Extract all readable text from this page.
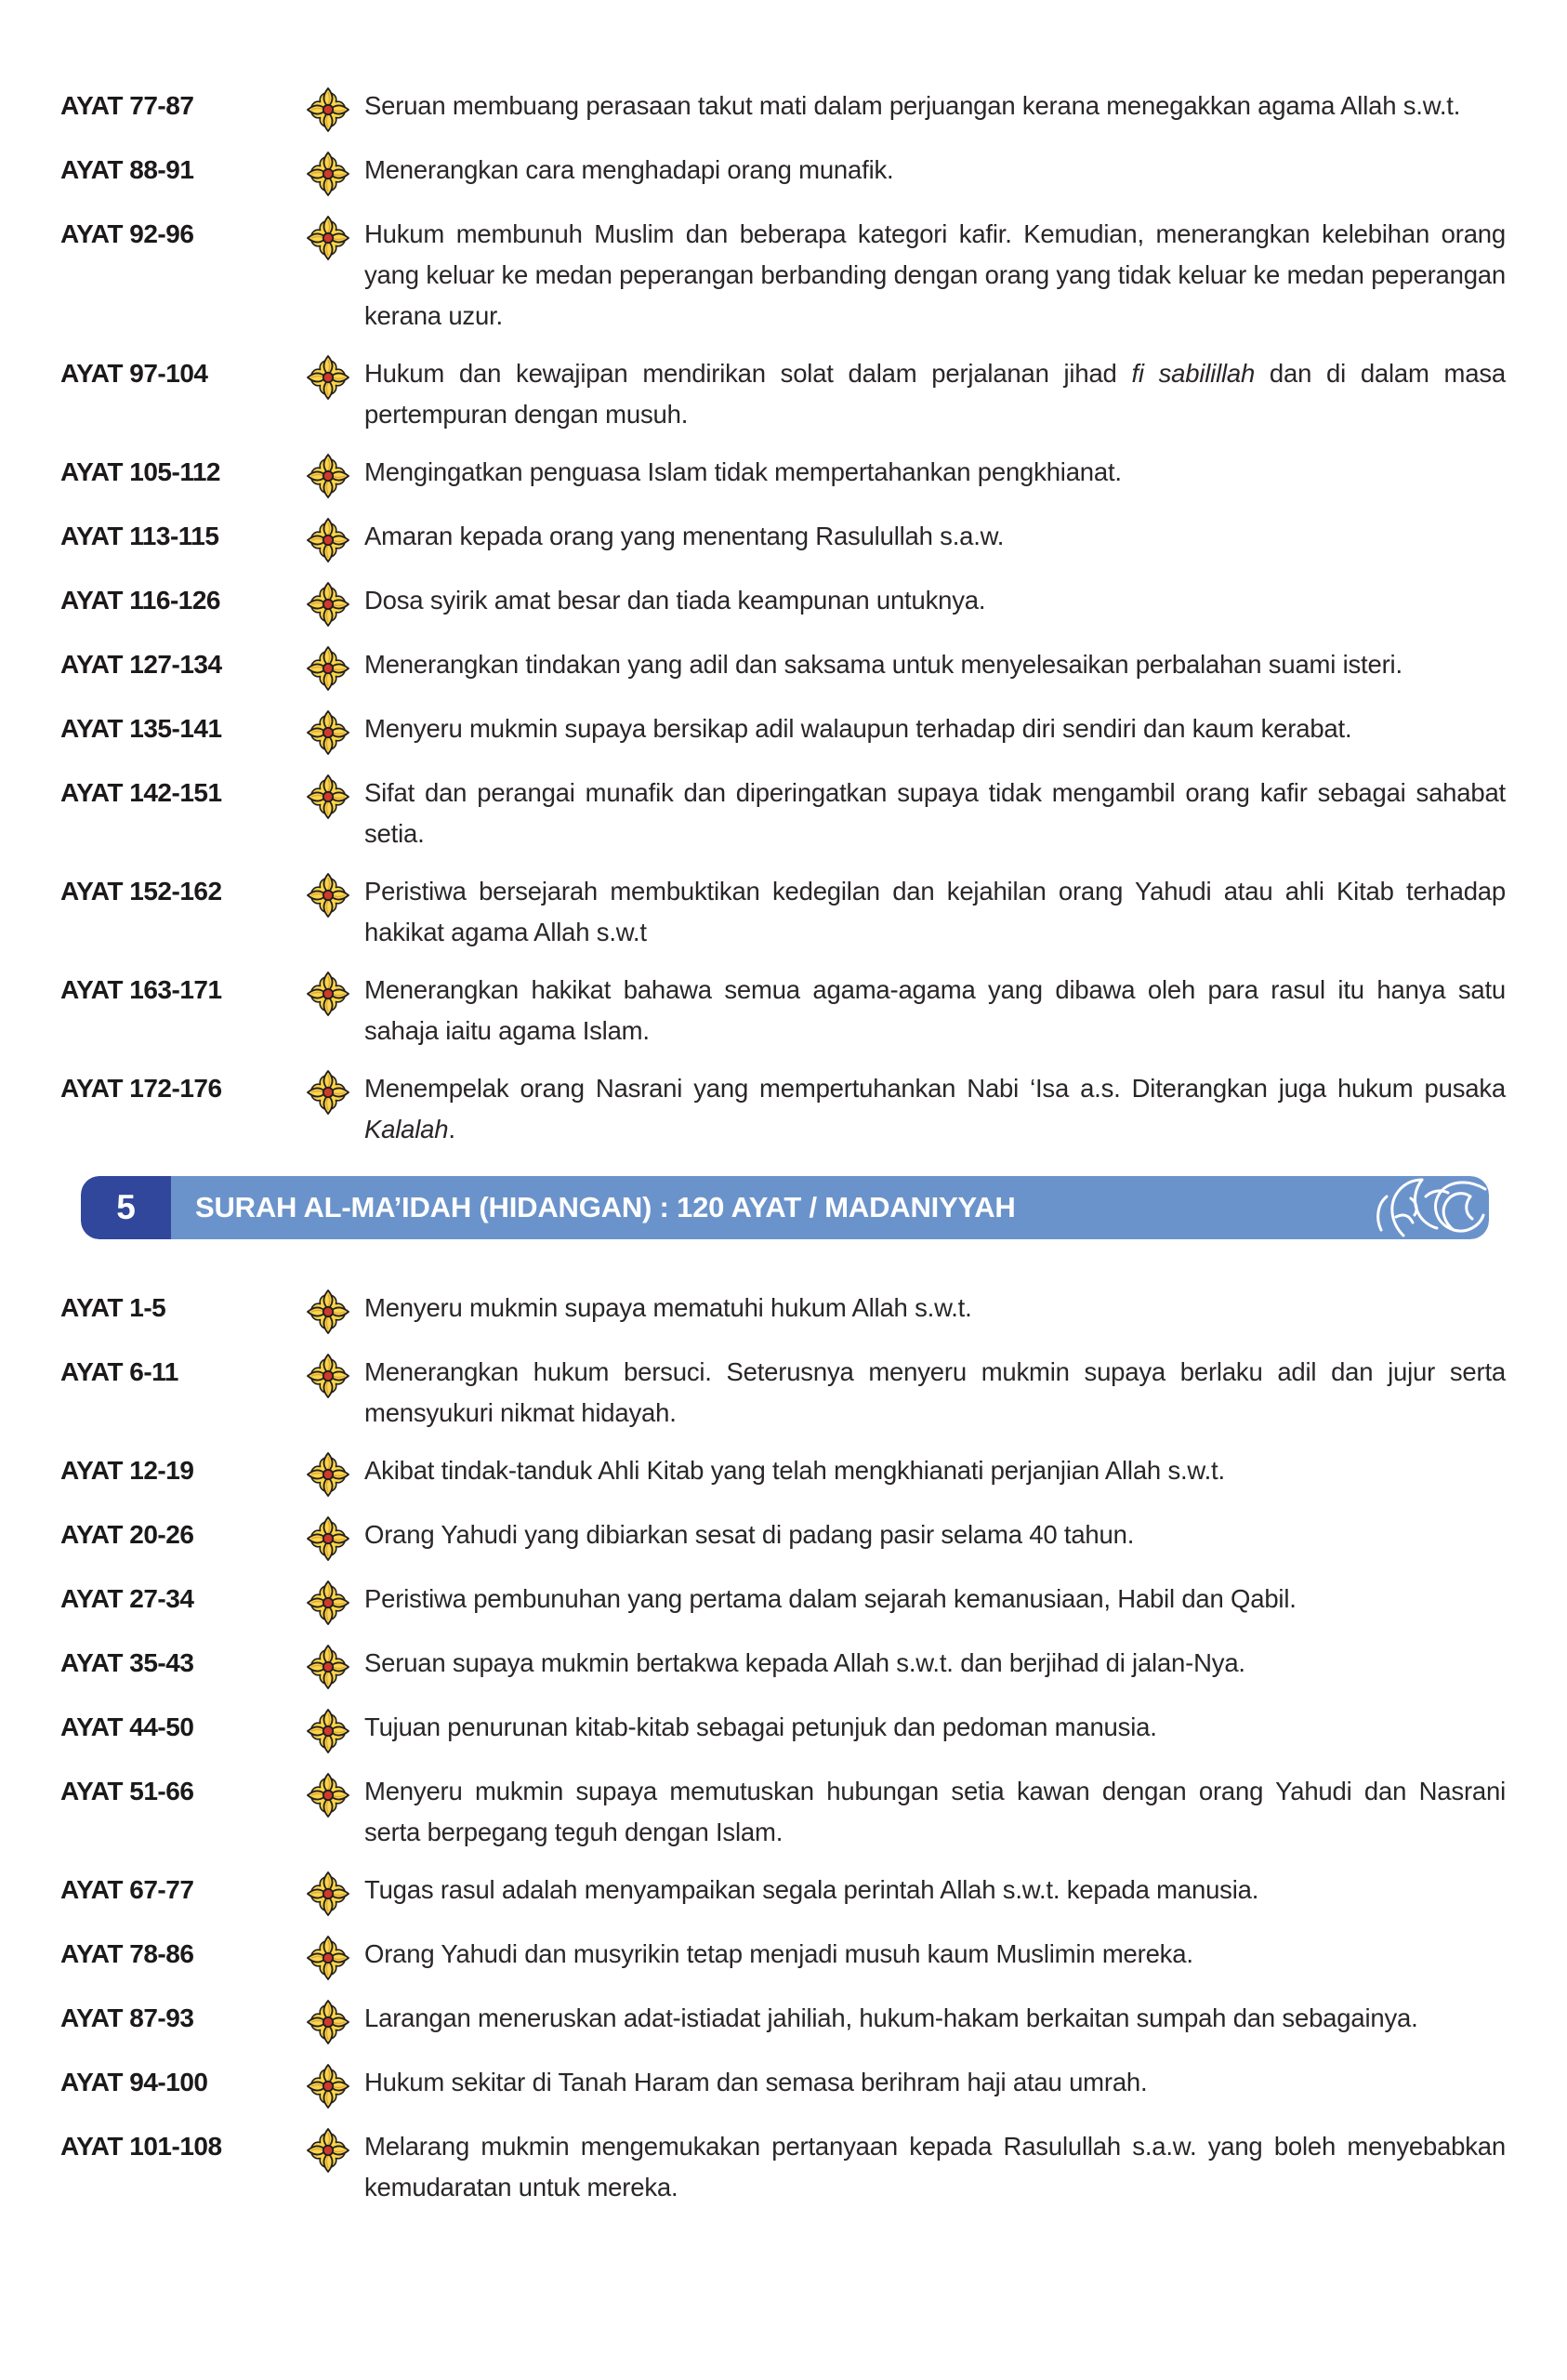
AYAT 77-87	Seruan membuang perasaan takut mati dalam perjuangan kerana menegakkan agama Allah s.w.t.
AYAT 88-91	Menerangkan cara menghadapi orang munafik.
AYAT 92-96	Hukum membunuh Muslim dan beberapa kategori kafir. Kemudian, menerangkan kelebihan orang yang keluar ke medan peperangan berbanding dengan orang yang tidak keluar ke medan peperangan kerana uzur.
AYAT 97-104	Hukum dan kewajipan mendirikan solat dalam perjalanan jihad fi sabilillah dan di dalam masa pertempuran dengan musuh.
AYAT 105-112	Mengingatkan penguasa Islam tidak mempertahankan pengkhianat.
AYAT 113-115	Amaran kepada orang yang menentang Rasulullah s.a.w.
AYAT 116-126	Dosa syirik amat besar dan tiada keampunan untuknya.
AYAT 127-134	Menerangkan tindakan yang adil dan saksama untuk menyelesaikan perbalahan suami isteri.
AYAT 135-141	Menyeru mukmin supaya bersikap adil walaupun terhadap diri sendiri dan kaum kerabat.
AYAT 142-151	Sifat dan perangai munafik dan diperingatkan supaya tidak mengambil orang kafir sebagai sahabat setia.
AYAT 152-162	Peristiwa bersejarah membuktikan kedegilan dan kejahilan orang Yahudi atau ahli Kitab terhadap hakikat agama Allah s.w.t
AYAT 163-171	Menerangkan hakikat bahawa semua agama-agama yang dibawa oleh para rasul itu hanya satu sahaja iaitu agama Islam.
AYAT 172-176	Menempelak orang Nasrani yang mempertuhankan Nabi ‘Isa a.s. Diterangkan juga hukum pusaka Kalalah.
5	SURAH AL-MA’IDAH (HIDANGAN) : 120 AYAT / MADANIYYAH
AYAT 1-5	Menyeru mukmin supaya mematuhi hukum Allah s.w.t.
AYAT 6-11	Menerangkan hukum bersuci. Seterusnya menyeru mukmin supaya berlaku adil dan jujur serta mensyukuri nikmat hidayah.
AYAT 12-19	Akibat tindak-tanduk Ahli Kitab yang telah mengkhianati perjanjian Allah s.w.t.
AYAT 20-26	Orang Yahudi yang dibiarkan sesat di padang pasir selama 40 tahun.
AYAT 27-34	Peristiwa pembunuhan yang pertama dalam sejarah kemanusiaan, Habil dan Qabil.
AYAT 35-43	Seruan supaya mukmin bertakwa kepada Allah s.w.t. dan berjihad di jalan-Nya.
AYAT 44-50	Tujuan penurunan kitab-kitab sebagai petunjuk dan pedoman manusia.
AYAT 51-66	Menyeru mukmin supaya memutuskan hubungan setia kawan dengan orang Yahudi dan Nasrani serta berpegang teguh dengan Islam.
AYAT 67-77	Tugas rasul adalah menyampaikan segala perintah Allah s.w.t. kepada manusia.
AYAT 78-86	Orang Yahudi dan musyrikin tetap menjadi musuh kaum Muslimin mereka.
AYAT 87-93	Larangan meneruskan adat-istiadat jahiliah, hukum-hakam berkaitan sumpah dan sebagainya.
AYAT 94-100	Hukum sekitar di Tanah Haram dan semasa berihram haji atau umrah.
AYAT 101-108	Melarang mukmin mengemukakan pertanyaan kepada Rasulullah s.a.w. yang boleh menyebabkan kemudaratan untuk mereka.
